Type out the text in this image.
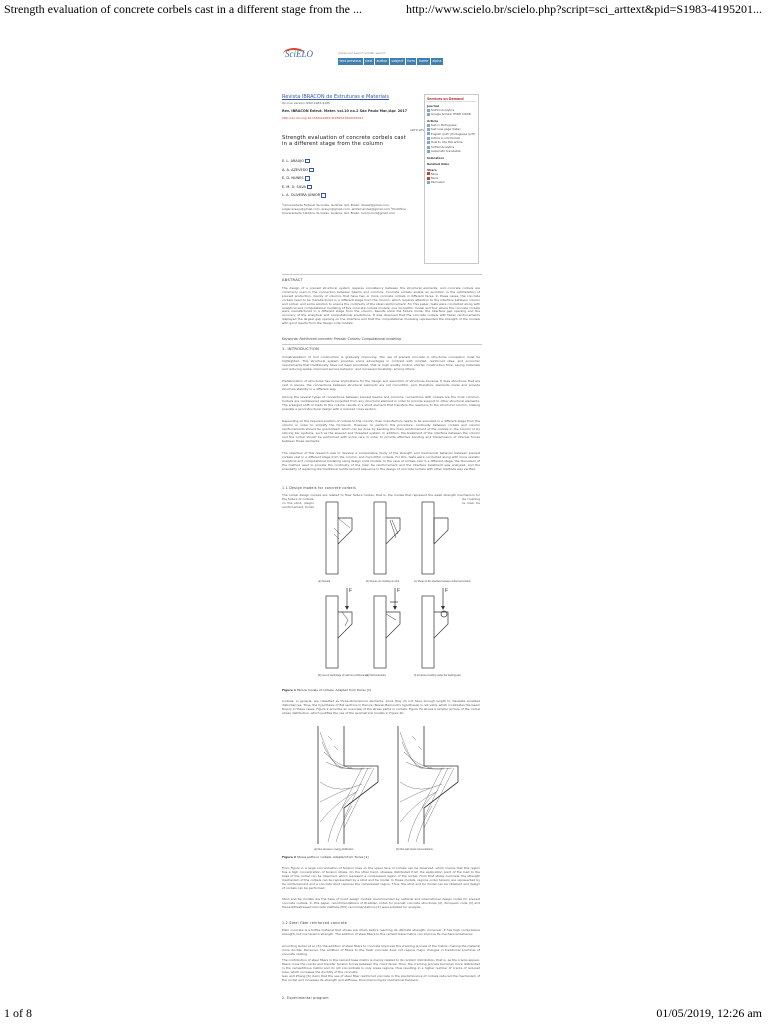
Strength evaluation of concrete corbels cast in a different stage from the ...	http://www.scielo.br/scielo.php?script=sci_arttext&pid=S1983-4195201...
SciELO	advanced search similar search
text previous	next	author	subject	form	home	alpha
Revista IBRACON de Estruturas e Materiais
On-line version ISSN 1983-4195
Rev. IBRACON Estrut. Mater. vol.10 no.2 São Paulo Mar./Apr. 2017
http://dx.doi.org/10.1590/s1983-41952017000200011
ARTICLES
Strength evaluation of concrete corbels cast in a different stage from the column
E. L. ARAUJO
A. A. AZEVEDO
E. D. NUNES
E. M. O. SILVA
L. A. OLIVEIRA JÚNIOR
¹Universidade Federal de Goiás, Goiânia, GO, Brasil. daniel@gmail.com, edgar.araujo@gmail.com, araujo@gmail.com, emfernandes@gmail.com ²Pontifícia Universidade Católica de Goiás, Goiânia, GO, Brasil. luciojr.civil@gmail.com
Services on Demand
Journal
SciELO Analytics
Google Scholar H5M5 (2018)
Article
text in Portuguese
text new page (beta)
English (pdf) | Portuguese (pdf)
Article in xml format
How to cite this article
SciELO Analytics
Automatic translation
Indicators
Related links
Share
More
More
Permalink
ABSTRACT
The design of a precast structural system requires consistency between the structural elements, and concrete corbels are commonly used in the connection between beams and columns. Concrete corbels enable an evolution in the optimization of precast production, mainly of columns that have two or more concrete corbels in different faces. In these cases, the concrete corbels need to be manufactured in a different stage from the column, which requires attention to the interface between column and corbel, and some solution to ensure the continuity of the steel reinforcement. For this paper, tests were conducted along with analytical and computational modeling of five concrete corbels models: one monolithic model and four where the concrete corbels were manufactured in a different stage from the column. Results show the failure mode, the interface gap opening and the accuracy of the analytical and computational predictions. It was observed that the concrete corbels with fewer reinforcements displayed the largest gap opening on the interface and that the computational modeling represented the strength of the models with good results from the design code models.
Keywords: Reinforced concrete; Precast; Corbels; Computational modeling
1. INTRODUCTION
Industrialization of civil construction is gradually improving. The use of precast concrete in structures conception must be highlighted. This structural system provides some advantages in contrast with molded, reinforced sites, and economic requirements that traditionally have not been prioritized, that is: high quality control, shorter construction time, saving materials and reducing waste, improved service behavior, and increased durability, among others.
Prefabrication of structures has some implications for the design and execution of structures because it does structures that are cast in pieces, the connections between structural elements are not monolithic, and, therefore, elements made and provide structure stability in a different way.
Among the several types of connections between precast beams and columns, connections with corbels are the most common. Corbels are cantilevered elements projected from any structural element in order to provide support to other structural elements. The enlarged shift of loads to the column results in a short element that transfers the reactions to the structural column, making possible a good structural design with a reduced cross section.
Depending on the required position of corbels to the column, their manufacture needs to be executed in a different stage from the column in order to simplify the formwork. However, to perform this procedure, continuity between corbels and column reinforcements should be guaranteed, which can be done by bending the main reinforcement of the corbels in the column or by splicing bar systems, such as the sleeved and threaded system. In addition, the treatment of the interface between the column and the corbel should be performed with some care in order to provide effective bonding and transmission of internal forces between these elements.
The objective of this research was to develop a comparative study of the strength and mechanical behavior between precast corbels cast in a different stage from the column, and monolithic corbels. For this, tests were conducted along with more realistic analytical and computational modeling using design code models. In the case of corbels cast in a different stage, the discussion of the method used to provide the continuity of the main tie reinforcement and the interface treatment was analyzed, and the possibility of replacing the traditional reinforcement sequence in the design of concrete corbels with other methods was verified.
1.1 Design models for concrete corbels
The corbel design models are related to their failure modes, that is, the modes that represent the weak strength mechanism for the failure of corbels. The failure mechanisms of corbels can be divided in six types of failure: flexural, bending, concrete crushing on the strut, diagonal splitting, shear at the interface between the corbel and the column, and anchorage of the main tie reinforcement, horizontal load, and concrete crushing under the bearing pad. Figure 1 illustrates these mechanisms.
F	F	F
(a) Flexural	(b) Flexure on crushing on strut	(c) Shear on the interface between corbel and column
(d) Loss of anchorage of main tie reinforcement
(e) Horizontal load	(f) Concrete crushing under the bearing pad
Figure 1 Failure modes of corbels. Adapted from Torres [1]
Corbels, in general, are classified as three-dimensional elements, since they do not have enough length to dissipate localized disturbances. Thus, the hypothesis of flat sections in flexure (Navier-Bernoulli's hypothesis) is not valid, which invalidates the beam theory in these cases. Figure 2 provides an overview of the stress paths in corbels. Figure 2a shows a simpler picture of the corbel stress distribution, which justifies the use of the geometrical models in Figure 2b.
(a) Flux stresses / energy distribution	(b) Flux path stress concentrations
Figure 2 Stress paths in corbels. Adapted from Torres [1]
From Figure 2, a large concentration of tension lines on the upper face of corbels can be observed, which means that this region has a high concentration of tension stress. On the other hand, stresses distributed from the application point of the load to the base of the corbel can be observed, which represent a compressed region of the corbel. From that stress overview, the strength mechanism of the corbels can be represented by a strut and tie model. In these models, regions under tension are represented by tie reinforcement and a concrete strut replaces the compressed region. Thus, the strut and tie model can be obtained and design of corbels can be performed.
Strut and tie models are the base of most design models recommended by national and international design codes for precast concrete corbels. In this paper, recommendations of Brazilian codes for precast concrete structures [2], European code [3] and Precast/Prestressed Concrete Institute (PCI) recommendations [4] were adopted for analysis.
1.2 Steel fiber reinforced concrete
Plain concrete is a brittle material that shows low strain before reaching its ultimate strength; moreover, it has high compressive strength, but low tension strength. The addition of steel fibers to the cement base matrix can improve its mechanical behavior.
According Gohar et al. [5], the addition of steel fibers to concrete improves the cracking process of the matrix, making the material more ductile. Moreover, the addition of fibers to the fresh concrete does not require major changes in traditional practices of concrete casting.
The contribution of steel fibers in the cement base matrix is mainly related to its random distribution, that is, as the cracks appear, fibers cross the cracks and transfer tension forces between the crack faces. Thus, the cracking process becomes more distributed in the cementitious matrix and do not concentrate in only areas regions, thus resulting in a higher number of cracks of reduced area, which increases the ductility of the concrete.
Gao and Zhang [6] claim that the use of steel fiber reinforced concrete in the predominance of corbels reduced the mechanism of the corbel and increases its strength and stiffness, thus improving its mechanical behavior.
2. Experimental program
1 of 8	01/05/2019, 12:26 am
